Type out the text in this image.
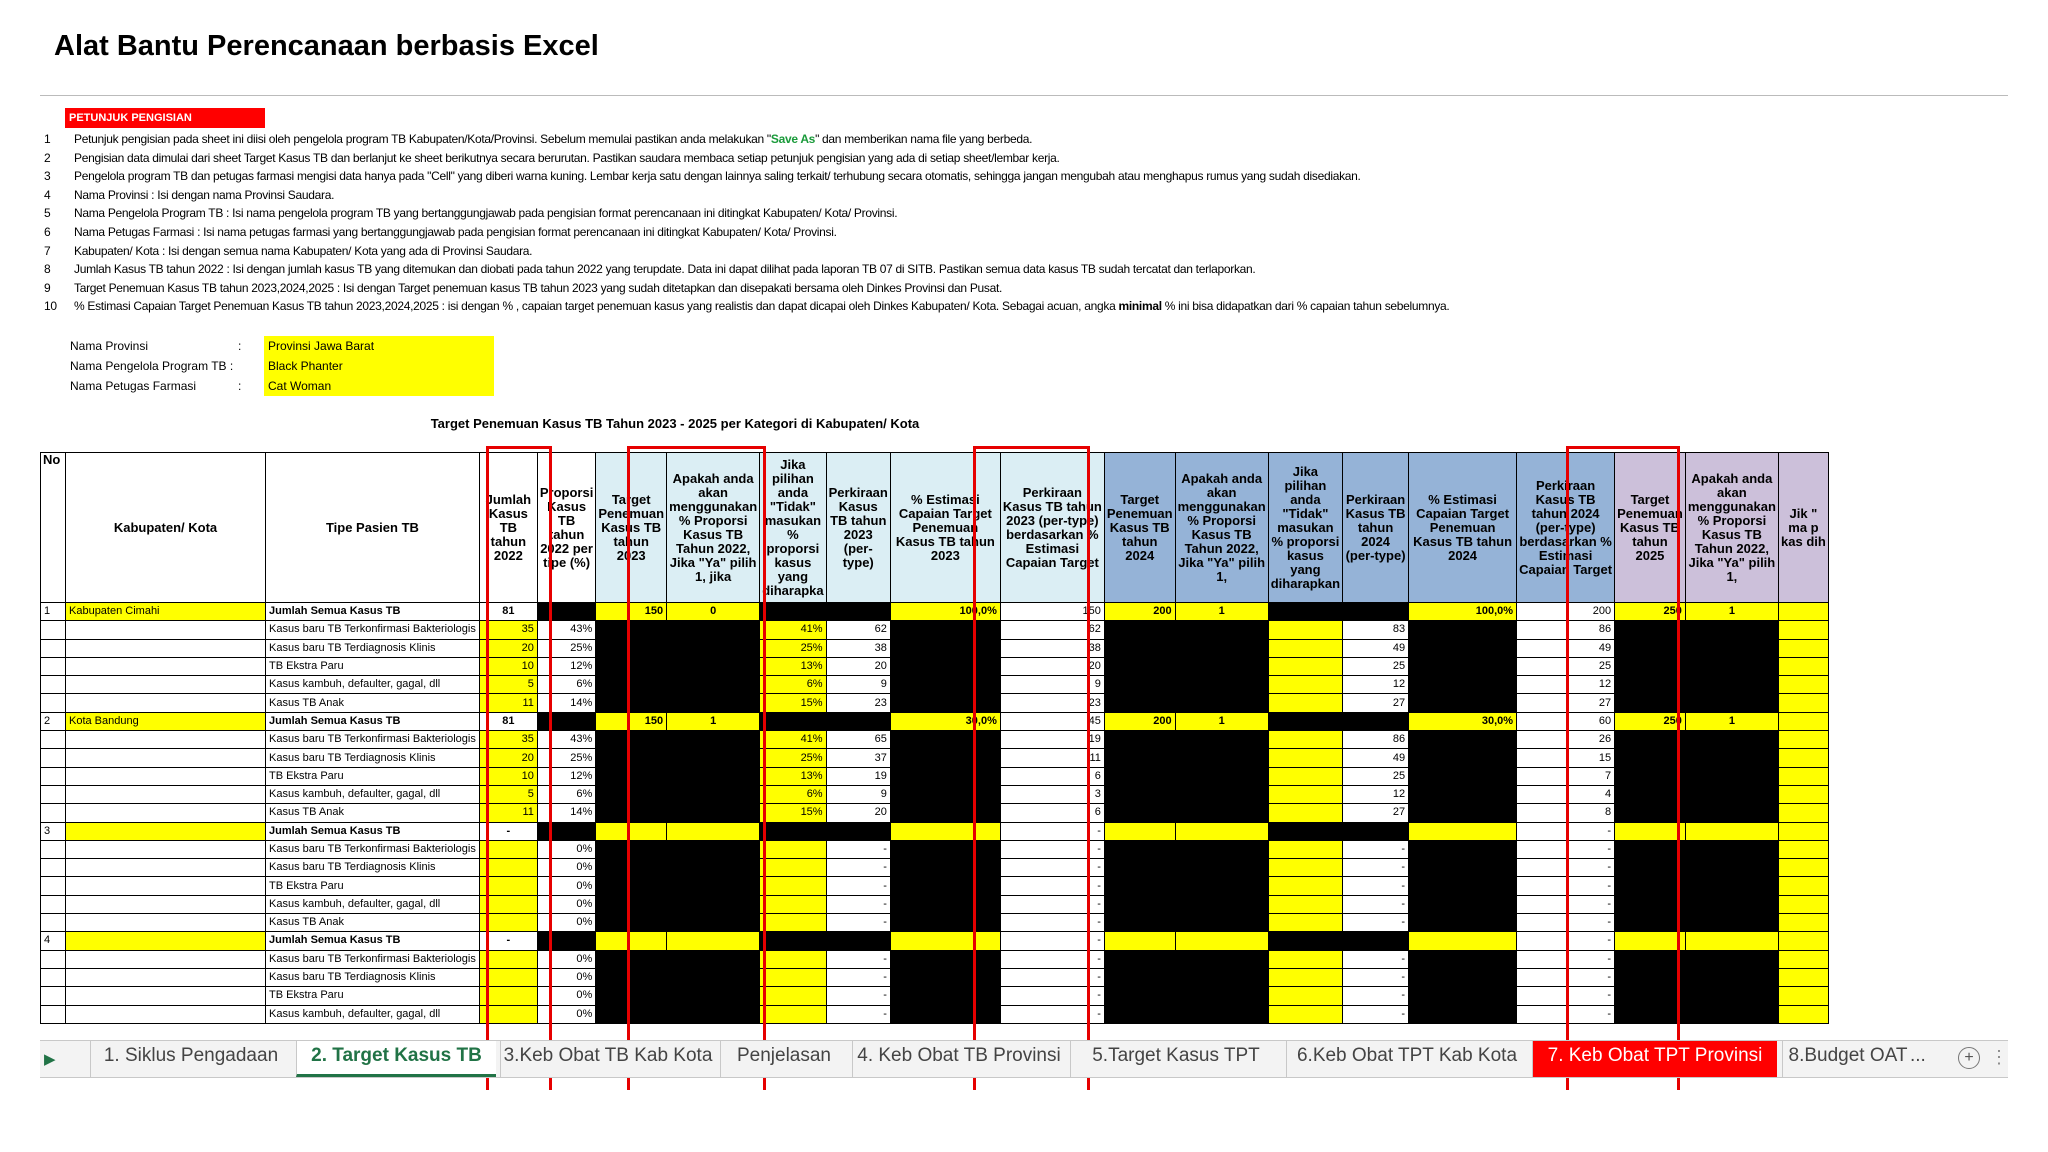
Alat Bantu Perencanaan berbasis Excel
PETUNJUK PENGISIAN
1 Petunjuk pengisian pada sheet ini diisi oleh pengelola program TB Kabupaten/Kota/Provinsi. Sebelum memulai pastikan anda melakukan "Save As" dan memberikan nama file yang berbeda.
2 Pengisian data dimulai dari sheet Target Kasus TB dan berlanjut ke sheet berikutnya secara berurutan. Pastikan saudara membaca setiap petunjuk pengisian yang ada di setiap sheet/lembar kerja.
3 Pengelola program TB dan petugas farmasi mengisi data hanya pada "Cell" yang diberi warna kuning. Lembar kerja satu dengan lainnya saling terkait/ terhubung secara otomatis, sehingga jangan mengubah atau menghapus rumus yang sudah disediakan.
4 Nama Provinsi : Isi dengan nama Provinsi Saudara.
5 Nama Pengelola Program TB : Isi nama pengelola program TB yang bertanggungjawab pada pengisian format perencanaan ini ditingkat Kabupaten/ Kota/ Provinsi.
6 Nama Petugas Farmasi : Isi nama petugas farmasi yang bertanggungjawab pada pengisian format perencanaan ini ditingkat Kabupaten/ Kota/ Provinsi.
7 Kabupaten/ Kota : Isi dengan semua nama Kabupaten/ Kota yang ada di Provinsi Saudara.
8 Jumlah Kasus TB tahun 2022 : Isi dengan jumlah kasus TB yang ditemukan dan diobati pada tahun 2022 yang terupdate. Data ini dapat dilihat pada laporan TB 07 di SITB. Pastikan semua data kasus TB sudah tercatat dan terlaporkan.
9 Target Penemuan Kasus TB tahun 2023,2024,2025 : Isi dengan Target penemuan kasus TB tahun 2023 yang sudah ditetapkan dan disepakati bersama oleh Dinkes Provinsi dan Pusat.
10 % Estimasi Capaian Target Penemuan Kasus TB tahun 2023,2024,2025 : isi dengan % , capaian target penemuan kasus yang realistis dan dapat dicapai oleh Dinkes Kabupaten/ Kota. Sebagai acuan, angka minimal % ini bisa didapatkan dari % capaian tahun sebelumnya.
Nama Provinsi	:	Provinsi Jawa Barat
Nama Pengelola Program TB :	Black Phanter
Nama Petugas Farmasi	:	Cat Woman
Target Penemuan Kasus TB Tahun 2023 - 2025 per Kategori di Kabupaten/ Kota
No	Kabupaten/ Kota	Tipe Pasien TB	Jumlah Kasus TB tahun 2022	Proporsi Kasus TB tahun 2022 per tipe (%)	Target Penemuan Kasus TB tahun 2023	Apakah anda akan menggunakan % Proporsi Kasus TB Tahun 2022, Jika "Ya" pilih 1, jika	Jika pilihan anda "Tidak" masukan % proporsi kasus yang diharapka	Perkiraan Kasus TB tahun 2023 (per-type)	% Estimasi Capaian Target Penemuan Kasus TB tahun 2023	Perkiraan Kasus TB tahun 2023 (per-type) berdasarkan % Estimasi Capaian Target	Target Penemuan Kasus TB tahun 2024	Apakah anda akan menggunakan % Proporsi Kasus TB Tahun 2022, Jika "Ya" pilih 1,	Jika pilihan anda "Tidak" masukan % proporsi kasus yang diharapkan	Perkiraan Kasus TB tahun 2024 (per-type)	% Estimasi Capaian Target Penemuan Kasus TB tahun 2024	Perkiraan Kasus TB tahun 2024 (per-type) berdasarkan % Estimasi Capaian Target	Target Penemuan Kasus TB tahun 2025	Apakah anda akan menggunakan % Proporsi Kasus TB Tahun 2022, Jika "Ya" pilih 1,	Jik " ma p kas dih
1	Kabupaten Cimahi	Jumlah Semua Kasus TB	81		150	0			100,0%	150	200	1			100,0%	200	250	1	
		Kasus baru TB Terkonfirmasi Bakteriologis	35	43%			41%	62		62				83		86			
		Kasus baru TB Terdiagnosis Klinis	20	25%			25%	38		38				49		49			
		TB Ekstra Paru	10	12%			13%	20		20				25		25			
		Kasus kambuh, defaulter, gagal, dll	5	6%			6%	9		9				12		12			
		Kasus TB Anak	11	14%			15%	23		23				27		27			
2	Kota Bandung	Jumlah Semua Kasus TB	81		150	1			30,0%	45	200	1			30,0%	60	250	1	
		Kasus baru TB Terkonfirmasi Bakteriologis	35	43%			41%	65		19				86		26			
		Kasus baru TB Terdiagnosis Klinis	20	25%			25%	37		11				49		15			
		TB Ekstra Paru	10	12%			13%	19		6				25		7			
		Kasus kambuh, defaulter, gagal, dll	5	6%			6%	9		3				12		4			
		Kasus TB Anak	11	14%			15%	20		6				27		8			
3		Jumlah Semua Kasus TB	-							-						-			
		Kasus baru TB Terkonfirmasi Bakteriologis		0%				-		-				-		-			
		Kasus baru TB Terdiagnosis Klinis		0%				-		-				-		-			
		TB Ekstra Paru		0%				-		-				-		-			
		Kasus kambuh, defaulter, gagal, dll		0%				-		-				-		-			
		Kasus TB Anak		0%				-		-				-		-			
4		Jumlah Semua Kasus TB	-							-						-			
		Kasus baru TB Terkonfirmasi Bakteriologis		0%				-		-				-		-			
		Kasus baru TB Terdiagnosis Klinis		0%				-		-				-		-			
		TB Ekstra Paru		0%				-		-				-		-			
		Kasus kambuh, defaulter, gagal, dll		0%				-		-				-		-			
▶	1. Siklus Pengadaan	2. Target Kasus TB	3.Keb Obat TB Kab Kota	Penjelasan	4. Keb Obat TB Provinsi	5.Target Kasus TPT	6.Keb Obat TPT Kab Kota	7. Keb Obat TPT Provinsi	8.Budget OAT ...	+ ⋮
